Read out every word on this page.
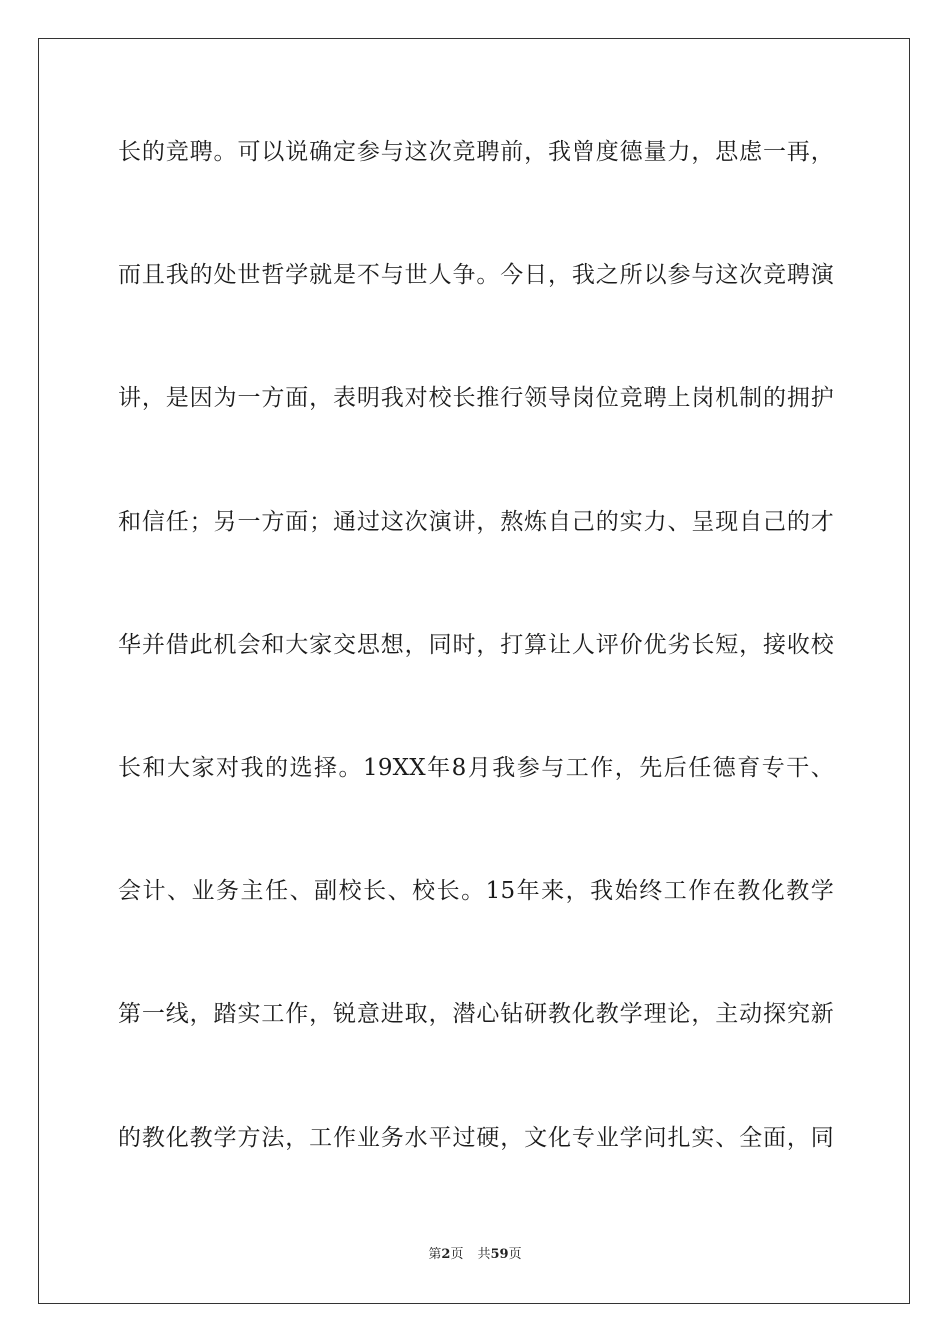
长的竞聘。可以说确定参与这次竞聘前，我曾度德量力，思虑一再，
而且我的处世哲学就是不与世人争。今日，我之所以参与这次竞聘演
讲，是因为一方面，表明我对校长推行领导岗位竞聘上岗机制的拥护
和信任；另一方面；通过这次演讲，熬炼自己的实力、呈现自己的才
华并借此机会和大家交思想，同时，打算让人评价优劣长短，接收校
长和大家对我的选择。19XX年8月我参与工作，先后任德育专干、
会计、业务主任、副校长、校长。15年来，我始终工作在教化教学
第一线，踏实工作，锐意进取，潜心钻研教化教学理论，主动探究新
的教化教学方法，工作业务水平过硬，文化专业学问扎实、全面，同
第2页 共59页
